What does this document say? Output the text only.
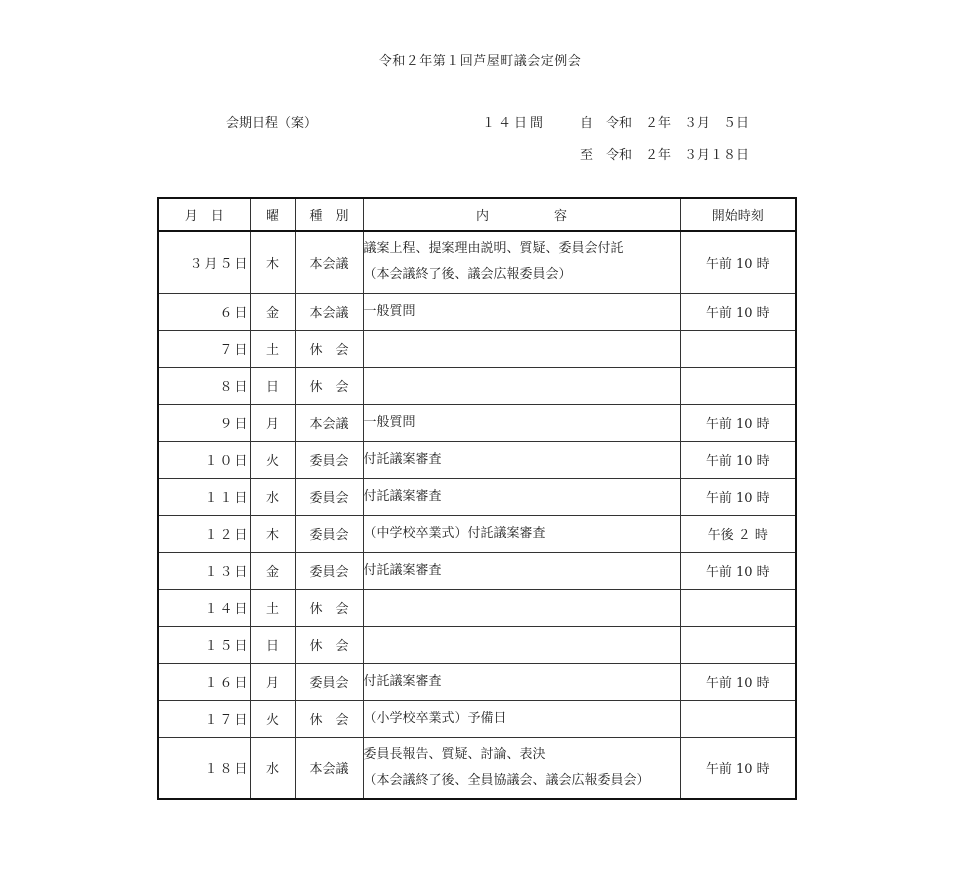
令和２年第１回芦屋町議会定例会
会期日程（案）	１４日間	自　令和　２年　３月　５日
至　令和　２年　３月１８日
月　日	曜	種　別	内　　　　　容	開始時刻
３月５日	木	本会議	議案上程、提案理由説明、質疑、委員会付託
（本会議終了後、議会広報委員会）	午前 10 時
６日	金	本会議	一般質問	午前 10 時
７日	土	休　会		
８日	日	休　会		
９日	月	本会議	一般質問	午前 10 時
１０日	火	委員会	付託議案審査	午前 10 時
１１日	水	委員会	付託議案審査	午前 10 時
１２日	木	委員会	（中学校卒業式）付託議案審査	午後 ２ 時
１３日	金	委員会	付託議案審査	午前 10 時
１４日	土	休　会		
１５日	日	休　会		
１６日	月	委員会	付託議案審査	午前 10 時
１７日	火	休　会	（小学校卒業式）予備日	
１８日	水	本会議	委員長報告、質疑、討論、表決
（本会議終了後、全員協議会、議会広報委員会）	午前 10 時
